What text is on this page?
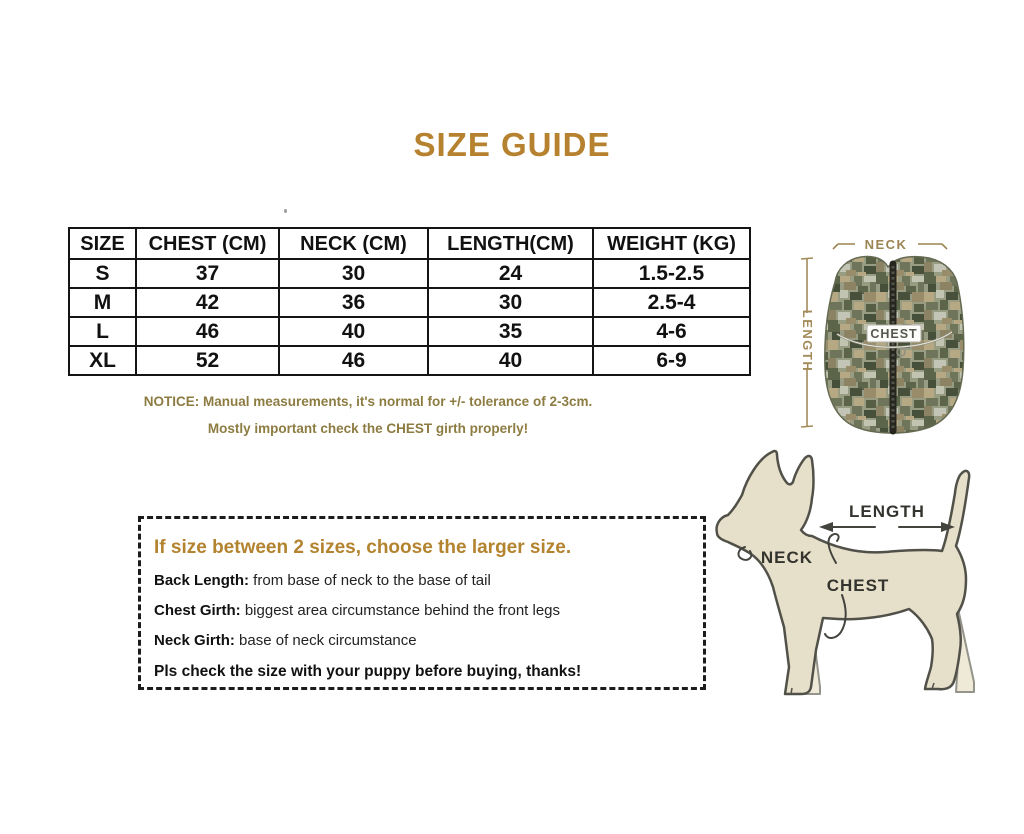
SIZE GUIDE
SIZE	CHEST (CM)	NECK (CM)	LENGTH(CM)	WEIGHT (KG)
S	37	30	24	1.5-2.5
M	42	36	30	2.5-4
L	46	40	35	4-6
XL	52	46	40	6-9

NOTICE: Manual measurements, it's normal for +/- tolerance of 2-3cm.

Mostly important check the CHEST girth properly!

If size between 2 sizes, choose the larger size.

Back Length: from base of neck to the base of tail

Chest Girth: biggest area circumstance behind the front legs

Neck Girth: base of neck circumstance

Pls check the size with your puppy before buying, thanks!

NECK
LENGTH	CHEST
LENGTH
NECK
CHEST
